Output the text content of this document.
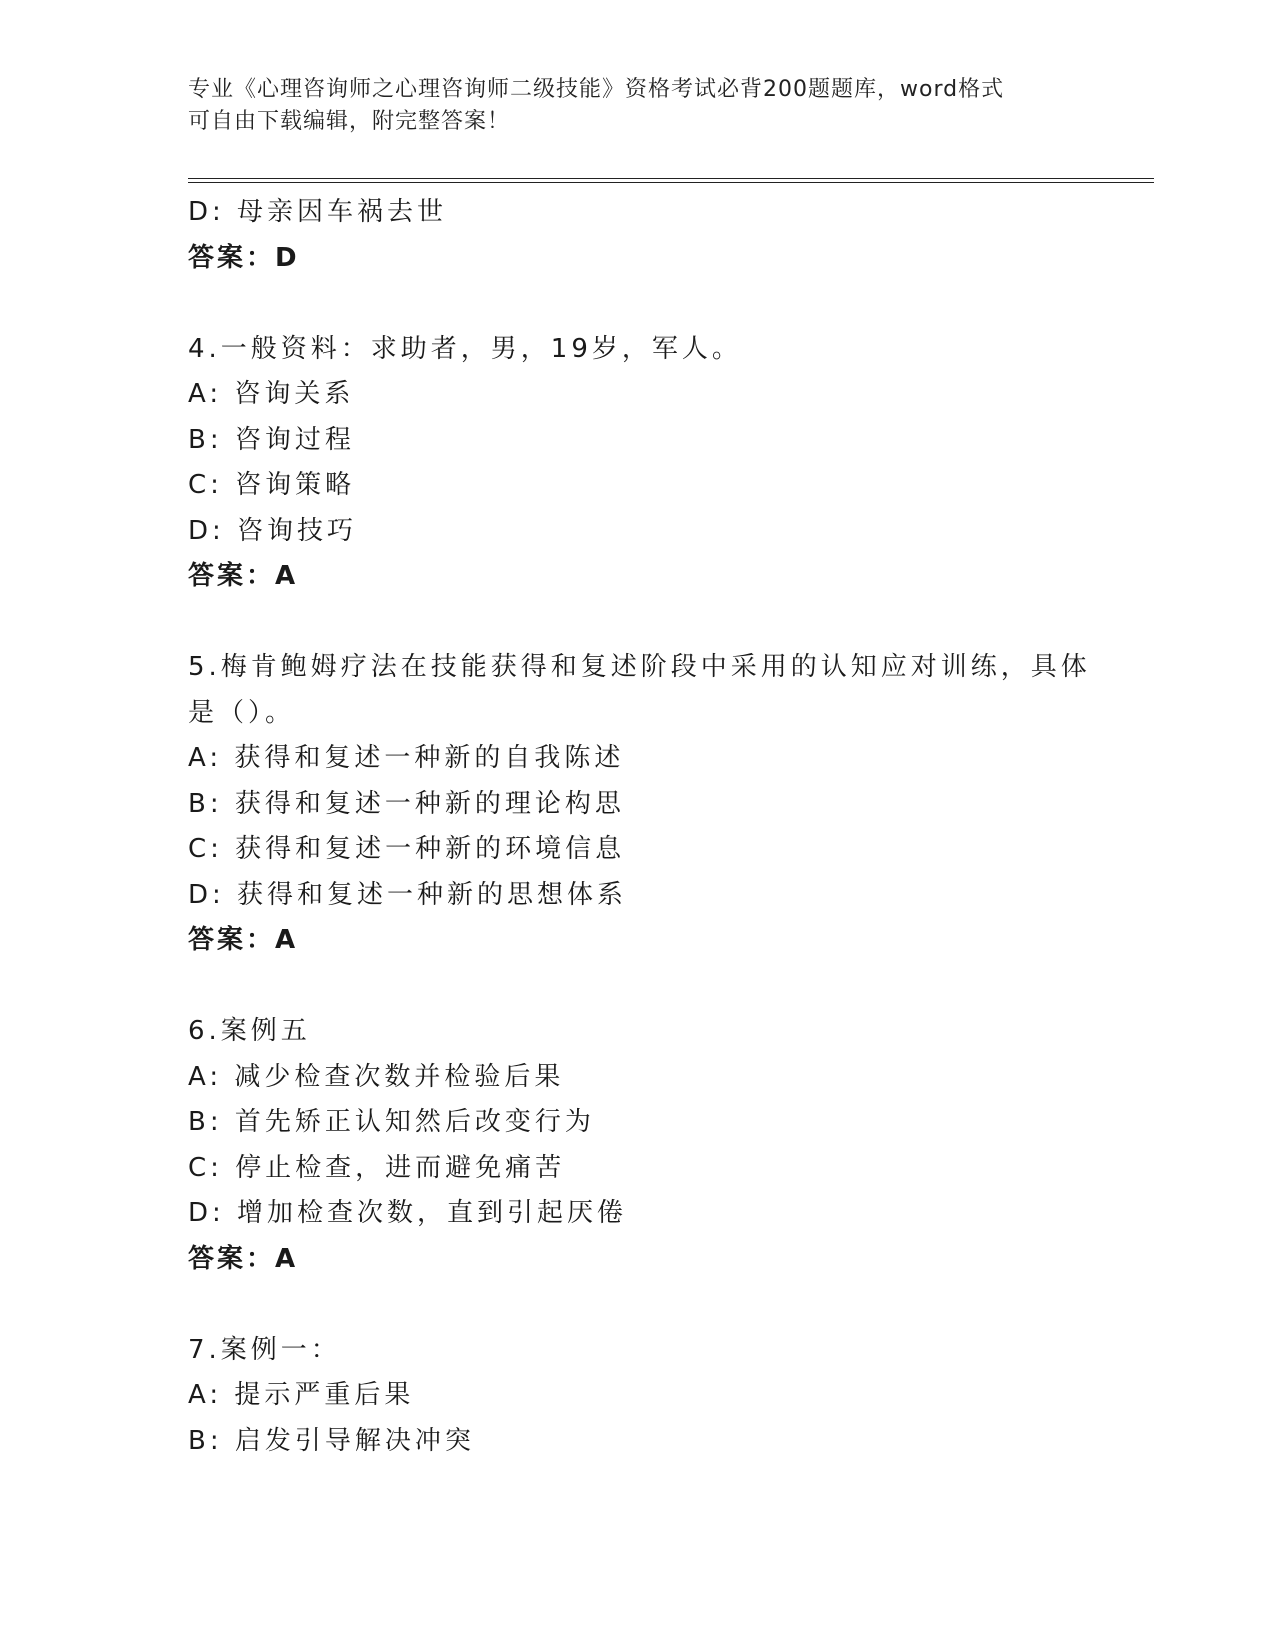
专业《心理咨询师之心理咨询师二级技能》资格考试必背200题题库，word格式
可自由下载编辑，附完整答案！
D: 母亲因车祸去世
答案：D
4.一般资料：求助者，男，19岁，军人。
A: 咨询关系
B: 咨询过程
C: 咨询策略
D: 咨询技巧
答案：A
5.梅肯鲍姆疗法在技能获得和复述阶段中采用的认知应对训练，具体
是（）。
A: 获得和复述一种新的自我陈述
B: 获得和复述一种新的理论构思
C: 获得和复述一种新的环境信息
D: 获得和复述一种新的思想体系
答案：A
6.案例五
A: 减少检查次数并检验后果
B: 首先矫正认知然后改变行为
C: 停止检查，进而避免痛苦
D: 增加检查次数，直到引起厌倦
答案：A
7.案例一：
A: 提示严重后果
B: 启发引导解决冲突
